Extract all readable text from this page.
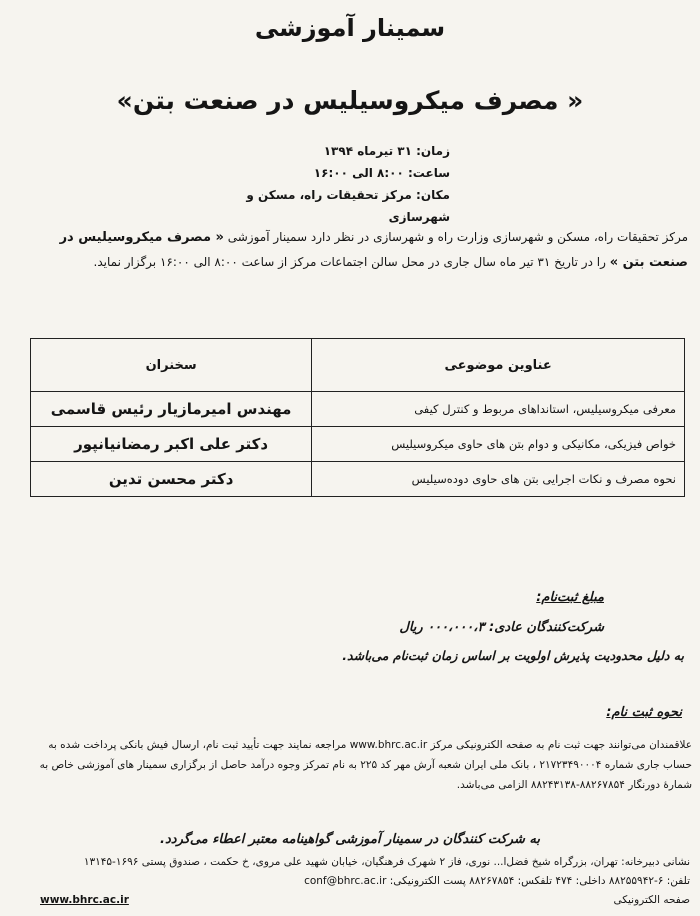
سمینار آموزشی
« مصرف میکروسیلیس در صنعت بتن»
زمان: ۳۱ تیرماه ۱۳۹۴
ساعت: ۸:۰۰ الی ۱۶:۰۰
مکان: مرکز تحقیقات راه، مسکن و شهرسازی
مرکز تحقیقات راه، مسکن و شهرسازی وزارت راه و شهرسازی در نظر دارد سمینار آموزشی « مصرف میکروسیلیس در صنعت بتن » را در تاریخ ۳۱ تیر ماه سال جاری در محل سالن اجتماعات مرکز از ساعت ۸:۰۰ الی ۱۶:۰۰ برگزار نماید.
عناوین موضوعی	سخنران
معرفی میکروسیلیس، استانداهای مربوط و کنترل کیفی	مهندس امیرمازیار رئیس قاسمی
خواص فیزیکی، مکانیکی و دوام بتن های حاوی میکروسیلیس	دکتر علی اکبر رمضانیانپور
نحوه مصرف و نکات اجرایی بتن های حاوی دوده‌سیلیس	دکتر محسن تدین
مبلغ ثبت‌نام:
شرکت‌کنندگان عادی: ۰۰۰،۰۰۰،۳ ریال
به دلیل محدودیت پذیرش اولویت بر اساس زمان ثبت‌نام می‌باشد.
نحوه ثبت نام:
علاقمندان می‌توانند جهت ثبت نام به صفحه الکترونیکی مرکز www.bhrc.ac.ir مراجعه نمایند جهت تأیید ثبت نام، ارسال فیش بانکی پرداخت شده به حساب جاری شماره ۲۱۷۲۳۴۹۰۰۰۴ ، بانک ملی ایران شعبه آرش مهر کد ۲۲۵ به نام تمرکز وجوه درآمد حاصل از برگزاری سمینار های آموزشی خاص به شمارهٔ دورنگار ۸۸۲۶۷۸۵۴-۸۸۲۴۳۱۳۸ الزامی می‌باشد.
به شرکت کنندگان در سمینار آموزشی گواهینامه معتبر اعطاء می‌گردد.
نشانی دبیرخانه: تهران، بزرگراه شیخ فضل‌ا... نوری، فاز ۲ شهرک فرهنگیان، خیابان شهید علی مروی، خ حکمت ، صندوق پستی ۱۶۹۶-۱۳۱۴۵
تلفن: ۶-۸۸۲۵۵۹۴۲ داخلی: ۴۷۴ تلفکس: ۸۸۲۶۷۸۵۴ پست الکترونیکی: conf@bhrc.ac.ir
صفحه الکترونیکی
www.bhrc.ac.ir
